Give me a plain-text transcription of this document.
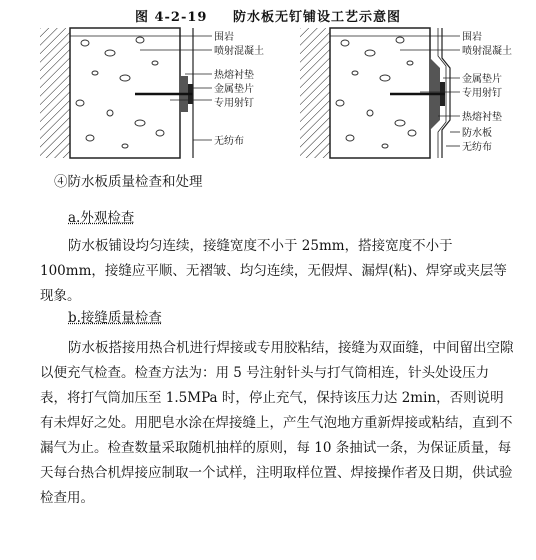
图 4-2-19 防水板无钉铺设工艺示意图
围岩
喷射混凝土
热熔衬垫
金属垫片
专用射钉
无纺布
围岩
喷射混凝土
金属垫片
专用射钉
热熔衬垫
防水板
无纺布
④防水板质量检查和处理
a.外观检查
防水板铺设均匀连续，接缝宽度不小于 25mm，搭接宽度不小于 100mm，接缝应平顺、无褶皱、均匀连续，无假焊、漏焊(粘)、焊穿或夹层等现象。
b.接缝质量检查
防水板搭接用热合机进行焊接或专用胶粘结，接缝为双面缝，中间留出空隙以便充气检查。检查方法为：用 5 号注射针头与打气筒相连，针头处设压力表，将打气筒加压至 1.5MPa 时，停止充气，保持该压力达 2min，否则说明有未焊好之处。用肥皂水涂在焊接缝上，产生气泡地方重新焊接或粘结，直到不漏气为止。检查数量采取随机抽样的原则，每 10 条抽试一条，为保证质量，每天每台热合机焊接应制取一个试样，注明取样位置、焊接操作者及日期，供试验检查用。
